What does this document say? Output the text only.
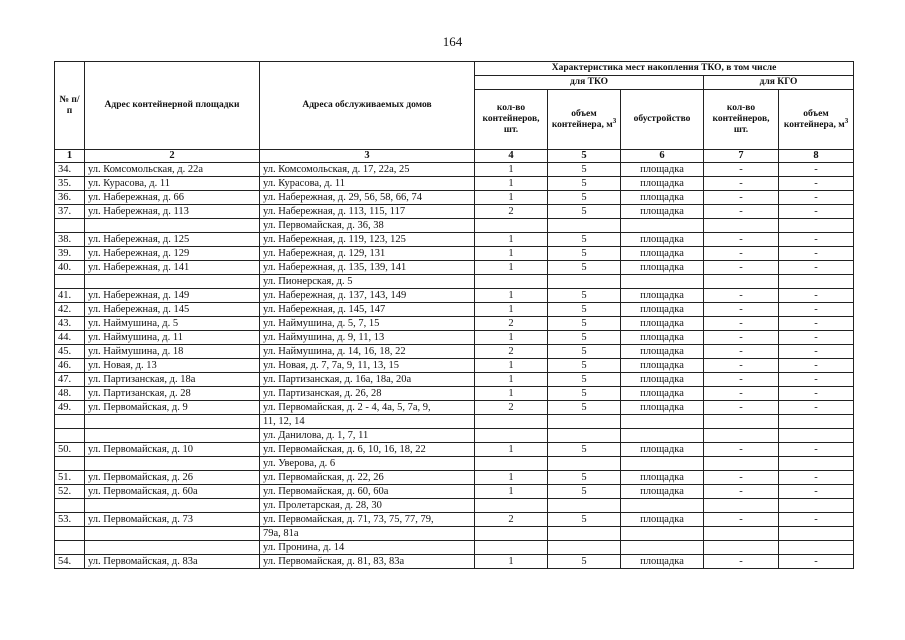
164
№ п/п	Адрес контейнерной площадки	Адреса обслуживаемых домов	Характеристика мест накопления ТКО, в том числе				
			для ТКО			для КГО	
			кол-во контейнеров, шт.	объем контейнера, $м^3$	обустройство	кол-во контейнеров, шт.	объем контейнера, $м^3$
1	2	3	4	5	6	7	8
34.	ул. Комсомольская, д. 22а	ул. Комсомольская, д. 17, 22а, 25	1	5	площадка	-	-
35.	ул. Курасова, д. 11	ул. Курасова, д. 11	1	5	площадка	-	-
36.	ул. Набережная, д. 66	ул. Набережная, д. 29, 56, 58, 66, 74	1	5	площадка	-	-
37.	ул. Набережная, д. 113	ул. Набережная, д. 113, 115, 117	2	5	площадка	-	-
		ул. Первомайская, д. 36, 38					
38.	ул. Набережная, д. 125	ул. Набережная, д. 119, 123, 125	1	5	площадка	-	-
39.	ул. Набережная, д. 129	ул. Набережная, д. 129, 131	1	5	площадка	-	-
40.	ул. Набережная, д. 141	ул. Набережная, д. 135, 139, 141	1	5	площадка	-	-
		ул. Пионерская, д. 5					
41.	ул. Набережная, д. 149	ул. Набережная, д. 137, 143, 149	1	5	площадка	-	-
42.	ул. Набережная, д. 145	ул. Набережная, д. 145, 147	1	5	площадка	-	-
43.	ул. Наймушина, д. 5	ул. Наймушина, д. 5, 7, 15	2	5	площадка	-	-
44.	ул. Наймушина, д. 11	ул. Наймушина, д. 9, 11, 13	1	5	площадка	-	-
45.	ул. Наймушина, д. 18	ул. Наймушина, д. 14, 16, 18, 22	2	5	площадка	-	-
46.	ул. Новая, д. 13	ул. Новая, д. 7, 7а, 9, 11, 13, 15	1	5	площадка	-	-
47.	ул. Партизанская, д. 18а	ул. Партизанская, д. 16а, 18а, 20а	1	5	площадка	-	-
48.	ул. Партизанская, д. 28	ул. Партизанская, д. 26, 28	1	5	площадка	-	-
49.	ул. Первомайская, д. 9	ул. Первомайская, д. 2 - 4, 4а, 5, 7а, 9,	2	5	площадка	-	-
		11, 12, 14					
		ул. Данилова, д. 1, 7, 11					
50.	ул. Первомайская, д. 10	ул. Первомайская, д. 6, 10, 16, 18, 22	1	5	площадка	-	-
		ул. Уверова, д. 6					
51.	ул. Первомайская, д. 26	ул. Первомайская, д. 22, 26	1	5	площадка	-	-
52.	ул. Первомайская, д. 60а	ул. Первомайская, д. 60, 60а	1	5	площадка	-	-
		ул. Пролетарская, д. 28, 30					
53.	ул. Первомайская, д. 73	ул. Первомайская, д. 71, 73, 75, 77, 79,	2	5	площадка	-	-
		79а, 81а					
		ул. Пронина, д. 14					
54.	ул. Первомайская, д. 83а	ул. Первомайская, д. 81, 83, 83а	1	5	площадка	-	-
